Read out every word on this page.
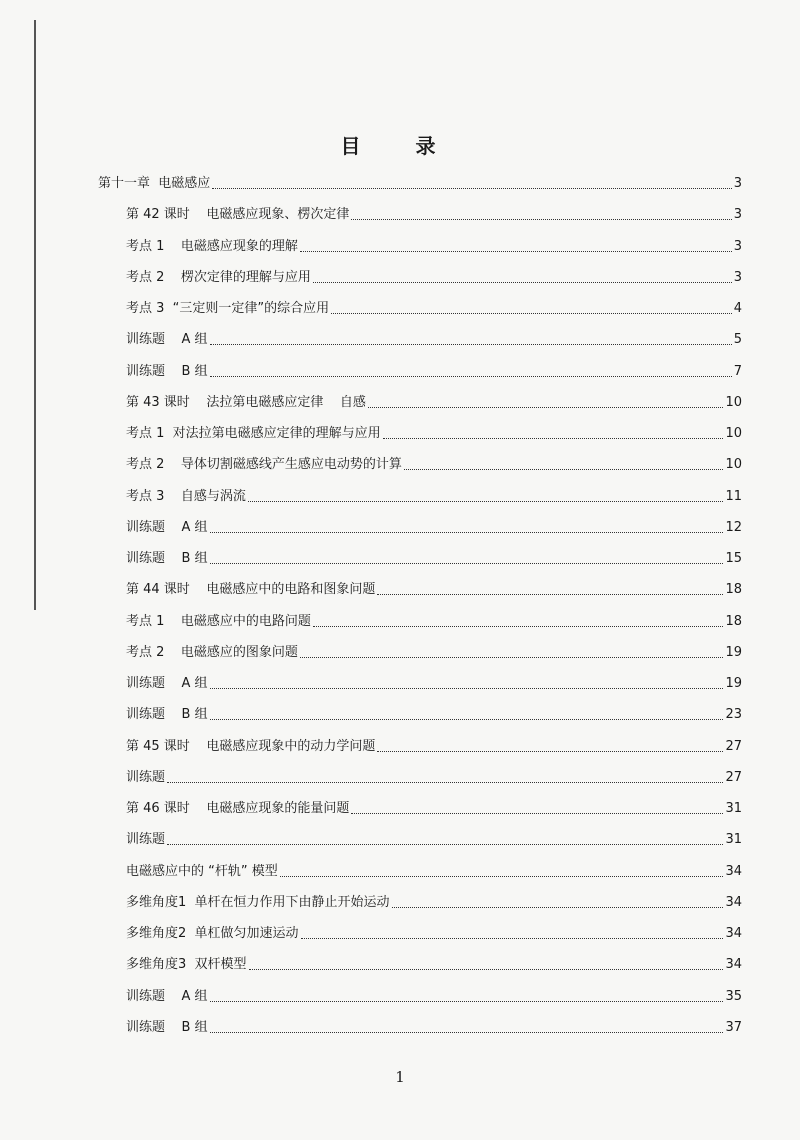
目 录
第十一章  电磁感应	3
第 42 课时    电磁感应现象、楞次定律	3
考点 1    电磁感应现象的理解	3
考点 2    楞次定律的理解与应用	3
考点 3  “三定则一定律”的综合应用	4
训练题    A 组	5
训练题    B 组	7
第 43 课时    法拉第电磁感应定律    自感	10
考点 1  对法拉第电磁感应定律的理解与应用	10
考点 2    导体切割磁感线产生感应电动势的计算	10
考点 3    自感与涡流	11
训练题    A 组	12
训练题    B 组	15
第 44 课时    电磁感应中的电路和图象问题	18
考点 1    电磁感应中的电路问题	18
考点 2    电磁感应的图象问题	19
训练题    A 组	19
训练题    B 组	23
第 45 课时    电磁感应现象中的动力学问题	27
训练题	27
第 46 课时    电磁感应现象的能量问题	31
训练题	31
电磁感应中的 “杆轨” 模型	34
多维角度1  单杆在恒力作用下由静止开始运动	34
多维角度2  单杠做匀加速运动	34
多维角度3  双杆模型	34
训练题    A 组	35
训练题    B 组	37
1
